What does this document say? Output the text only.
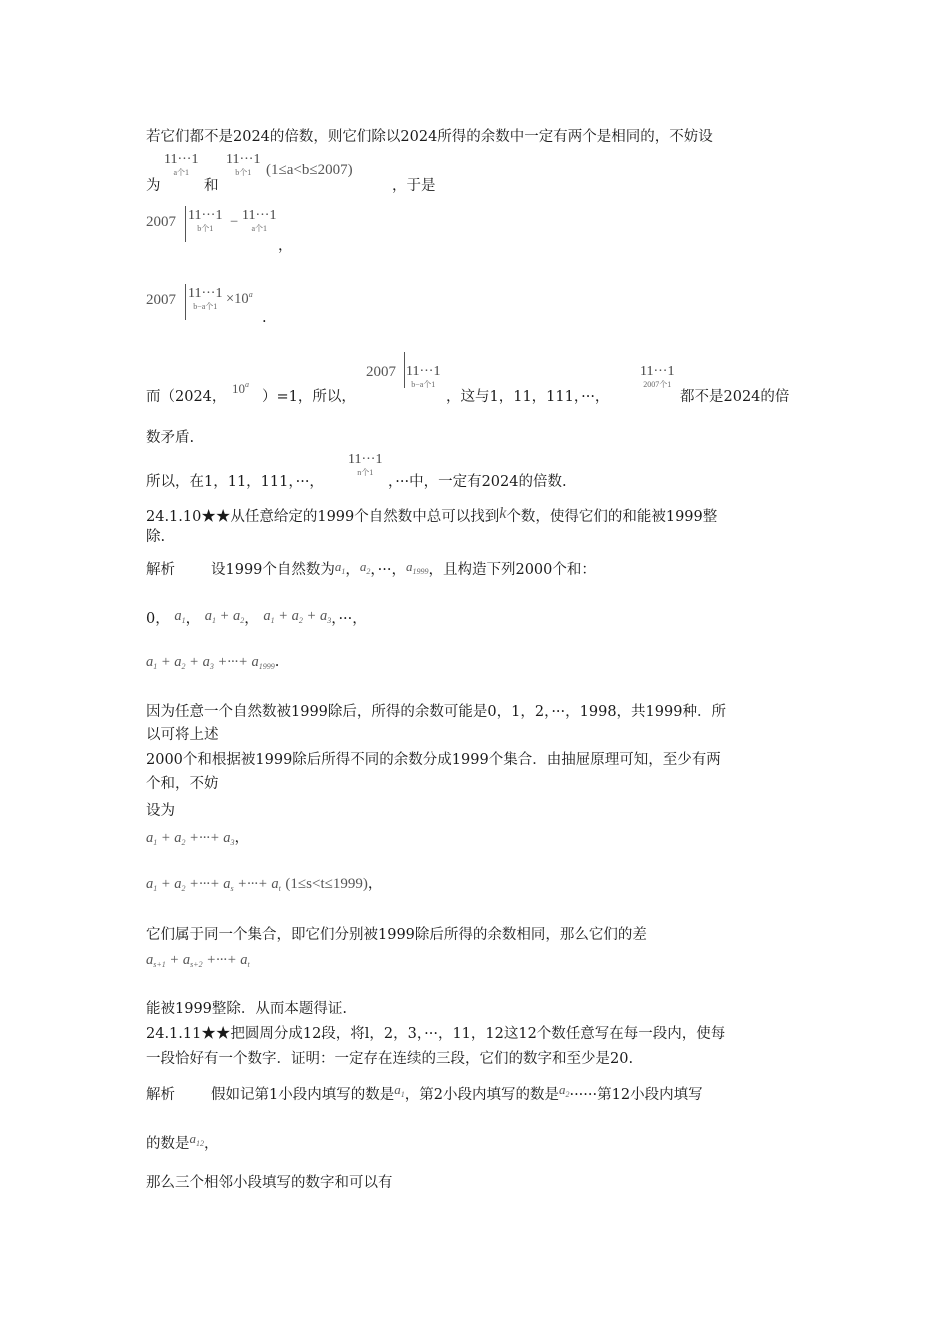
若它们都不是2024的倍数，则它们除以2024所得的余数中一定有两个是相同的，不妨设
为
11···1
a个1
和
11···1
b个1 (1≤a<b≤2007)
，于是
2007 11···1
b个1	− 11···1
a个1
，
2007 11···1
b−a个$1 \times 10^a$
.
而（2024，
10$^a$
）=1，所以，
2007 11···1
b−a个1
，这与1，11，111，···，
11···1
2007个1
都不是2024的倍
数矛盾.
所以，在1，11，111，···，
11···1
n个1
，···中，一定有2024的倍数.
24.1.10★★从任意给定的1999个自然数中总可以找到k个数，使得它们的和能被1999整
除.
解析 设1999个自然数为$a_1$，$a_2$，···，$a_{1999}$，且构造下列2000个和：
0， $a_1$， $a_1 + a_2$， $a_1 + a_2 + a_3$，···，
$a_1 + a_2 + a_3$ +···+ $a_{1999}$.
因为任意一个自然数被1999除后，所得的余数可能是0，1，2，···，1998，共1999种．所
以可将上述
2000个和根据被1999除后所得不同的余数分成1999个集合．由抽屉原理可知，至少有两
个和，不妨
设为
$a_1 + a_2$ +···+ $a_3$，
$a_1 + a_2$ +···+ $a_s$ +···+ $a_t$ (1≤s<t≤1999)，
它们属于同一个集合，即它们分别被1999除后所得的余数相同，那么它们的差
$a_{s+1} + a_{s+2}$ +···+ $a_t$
能被1999整除．从而本题得证.
24.1.11★★把圆周分成12段，将l，2，3，···，11，12这12个数任意写在每一段内，使每
一段恰好有一个数字．证明：一定存在连续的三段，它们的数字和至少是20.
解析 假如记第1小段内填写的数是$a_1$，第2小段内填写的数是$a_2\cdot\cdot\cdot\cdot\cdot\cdot$第12小段内填写
的数是$a_{12}$，
那么三个相邻小段填写的数字和可以有
